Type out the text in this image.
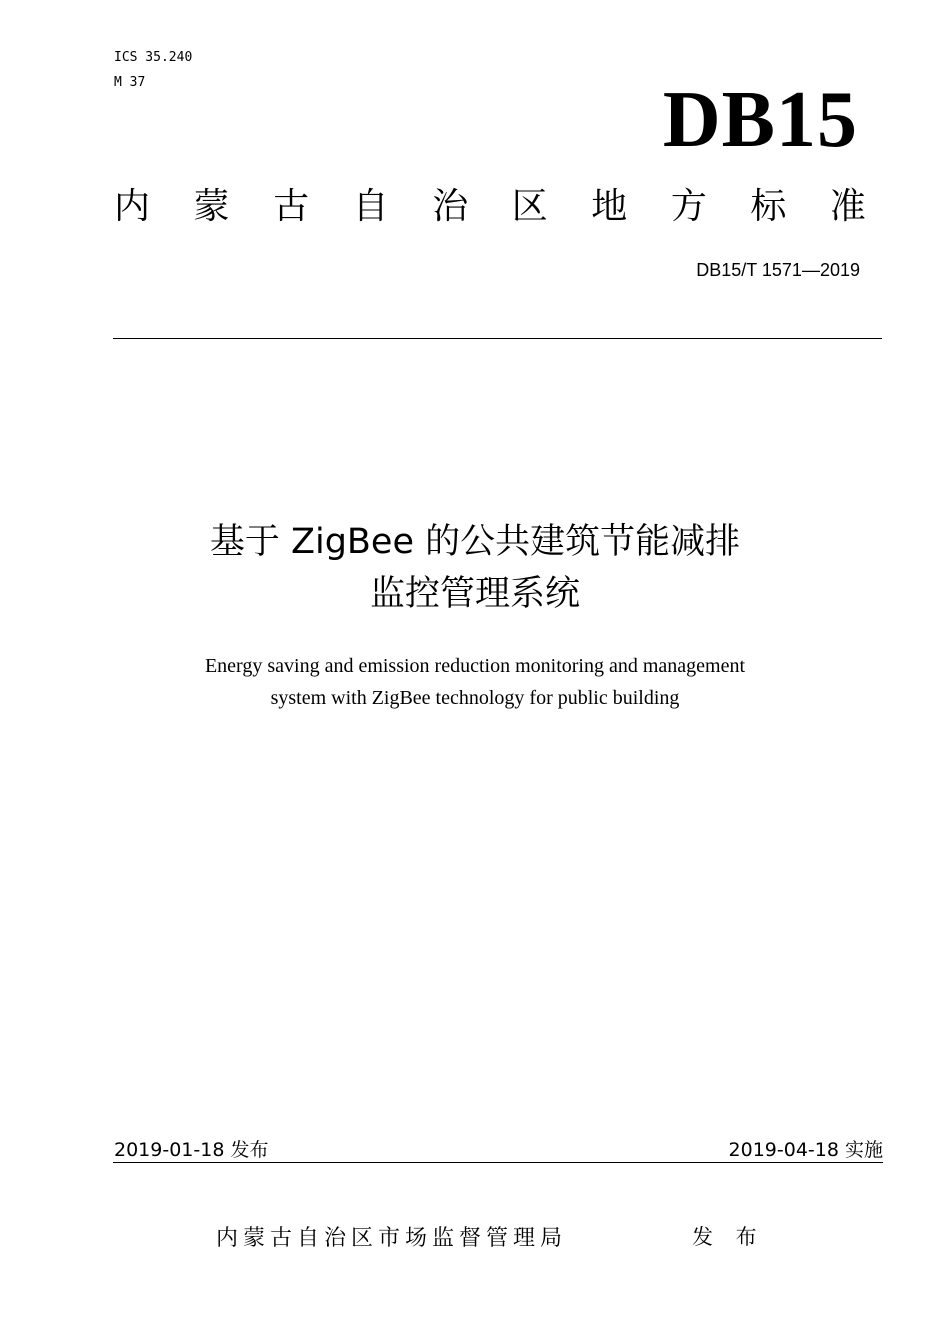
ICS 35.240
M 37	DB15
内 蒙 古 自 治 区 地 方 标 准
DB15/T 1571—2019
基于 ZigBee 的公共建筑节能减排
监控管理系统
Energy saving and emission reduction monitoring and management
system with ZigBee technology for public building
2019-01-18 发布	2019-04-18 实施
内蒙古自治区市场监督管理局	发 布
